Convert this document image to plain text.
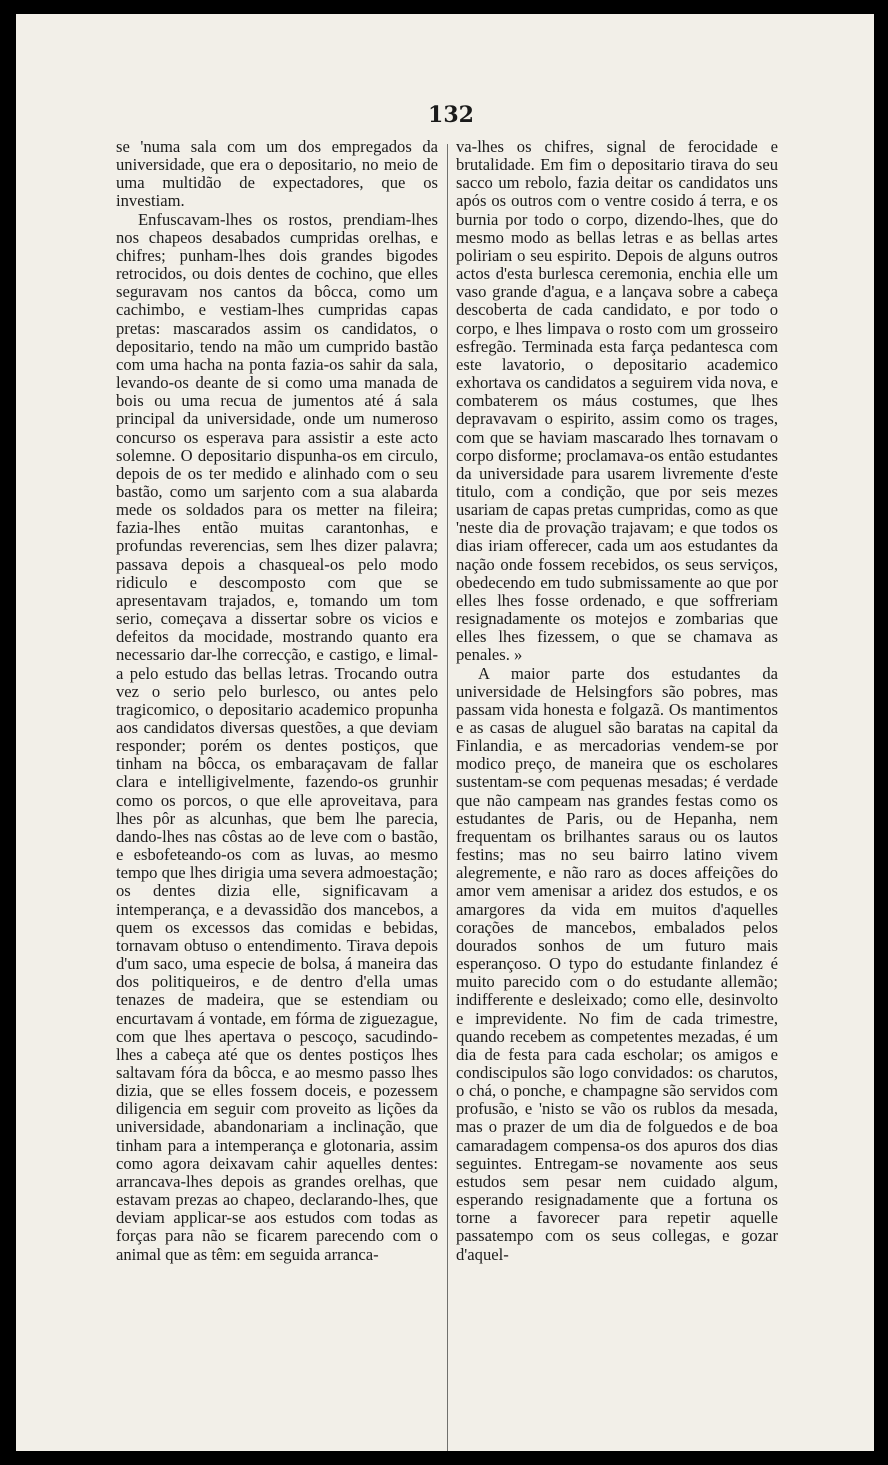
132

se 'numa sala com um dos empregados da universidade, que era o depositario, no meio de uma multidão de expectadores, que os investiam.

Enfuscavam-lhes os rostos, prendiam-lhes nos chapeos desabados cumpridas orelhas, e chifres; punham-lhes dois grandes bigodes retrocidos, ou dois dentes de cochino, que elles seguravam nos cantos da bôcca, como um cachimbo, e vestiam-lhes cumpridas capas pretas: mascarados assim os candidatos, o depositario, tendo na mão um cumprido bastão com uma hacha na ponta fazia-os sahir da sala, levando-os deante de si como uma manada de bois ou uma recua de jumentos até á sala principal da universidade, onde um numeroso concurso os esperava para assistir a este acto solemne. O depositario dispunha-os em circulo, depois de os ter medido e alinhado com o seu bastão, como um sarjento com a sua alabarda mede os soldados para os metter na fileira; fazia-lhes então muitas carantonhas, e profundas reverencias, sem lhes dizer palavra; passava depois a chasqueal-os pelo modo ridiculo e descomposto com que se apresentavam trajados, e, tomando um tom serio, começava a dissertar sobre os vicios e defeitos da mocidade, mostrando quanto era necessario dar-lhe correcção, e castigo, e limal-a pelo estudo das bellas letras. Trocando outra vez o serio pelo burlesco, ou antes pelo tragicomico, o depositario academico propunha aos candidatos diversas questões, a que deviam responder; porém os dentes postiços, que tinham na bôcca, os embaraçavam de fallar clara e intelligivelmente, fazendo-os grunhir como os porcos, o que elle aproveitava, para lhes pôr as alcunhas, que bem lhe parecia, dando-lhes nas côstas ao de leve com o bastão, e esbofeteando-os com as luvas, ao mesmo tempo que lhes dirigia uma severa admoestação; os dentes dizia elle, significavam a intemperança, e a devassidão dos mancebos, a quem os excessos das comidas e bebidas, tornavam obtuso o entendimento. Tirava depois d'um saco, uma especie de bolsa, á maneira das dos politiqueiros, e de dentro d'ella umas tenazes de madeira, que se estendiam ou encurtavam á vontade, em fórma de ziguezague, com que lhes apertava o pescoço, sacudindo-lhes a cabeça até que os dentes postiços lhes saltavam fóra da bôcca, e ao mesmo passo lhes dizia, que se elles fossem doceis, e pozessem diligencia em seguir com proveito as lições da universidade, abandonariam a inclinação, que tinham para a intemperança e glotonaria, assim como agora deixavam cahir aquelles dentes: arrancava-lhes depois as grandes orelhas, que estavam prezas ao chapeo, declarando-lhes, que deviam applicar-se aos estudos com todas as forças para não se ficarem parecendo com o animal que as têm: em seguida arranca-

va-lhes os chifres, signal de ferocidade e brutalidade. Em fim o depositario tirava do seu sacco um rebolo, fazia deitar os candidatos uns após os outros com o ventre cosido á terra, e os burnia por todo o corpo, dizendo-lhes, que do mesmo modo as bellas letras e as bellas artes poliriam o seu espirito. Depois de alguns outros actos d'esta burlesca ceremonia, enchia elle um vaso grande d'agua, e a lançava sobre a cabeça descoberta de cada candidato, e por todo o corpo, e lhes limpava o rosto com um grosseiro esfregão. Terminada esta farça pedantesca com este lavatorio, o depositario academico exhortava os candidatos a seguirem vida nova, e combaterem os máus costumes, que lhes depravavam o espirito, assim como os trages, com que se haviam mascarado lhes tornavam o corpo disforme; proclamava-os então estudantes da universidade para usarem livremente d'este titulo, com a condição, que por seis mezes usariam de capas pretas cumpridas, como as que 'neste dia de provação trajavam; e que todos os dias iriam offerecer, cada um aos estudantes da nação onde fossem recebidos, os seus serviços, obedecendo em tudo submissamente ao que por elles lhes fosse ordenado, e que soffreriam resignadamente os motejos e zombarias que elles lhes fizessem, o que se chamava as penales. »

A maior parte dos estudantes da universidade de Helsingfors são pobres, mas passam vida honesta e folgazã. Os mantimentos e as casas de aluguel são baratas na capital da Finlandia, e as mercadorias vendem-se por modico preço, de maneira que os escholares sustentam-se com pequenas mesadas; é verdade que não campeam nas grandes festas como os estudantes de Paris, ou de Hepanha, nem frequentam os brilhantes saraus ou os lautos festins; mas no seu bairro latino vivem alegremente, e não raro as doces affeições do amor vem amenisar a aridez dos estudos, e os amargores da vida em muitos d'aquelles corações de mancebos, embalados pelos dourados sonhos de um futuro mais esperançoso. O typo do estudante finlandez é muito parecido com o do estudante allemão; indifferente e desleixado; como elle, desinvolto e imprevidente. No fim de cada trimestre, quando recebem as competentes mezadas, é um dia de festa para cada escholar; os amigos e condiscipulos são logo convidados: os charutos, o chá, o ponche, e champagne são servidos com profusão, e 'nisto se vão os rublos da mesada, mas o prazer de um dia de folguedos e de boa camaradagem compensa-os dos apuros dos dias seguintes. Entregam-se novamente aos seus estudos sem pesar nem cuidado algum, esperando resignadamente que a fortuna os torne a favorecer para repetir aquelle passatempo com os seus collegas, e gozar d'aquel-
